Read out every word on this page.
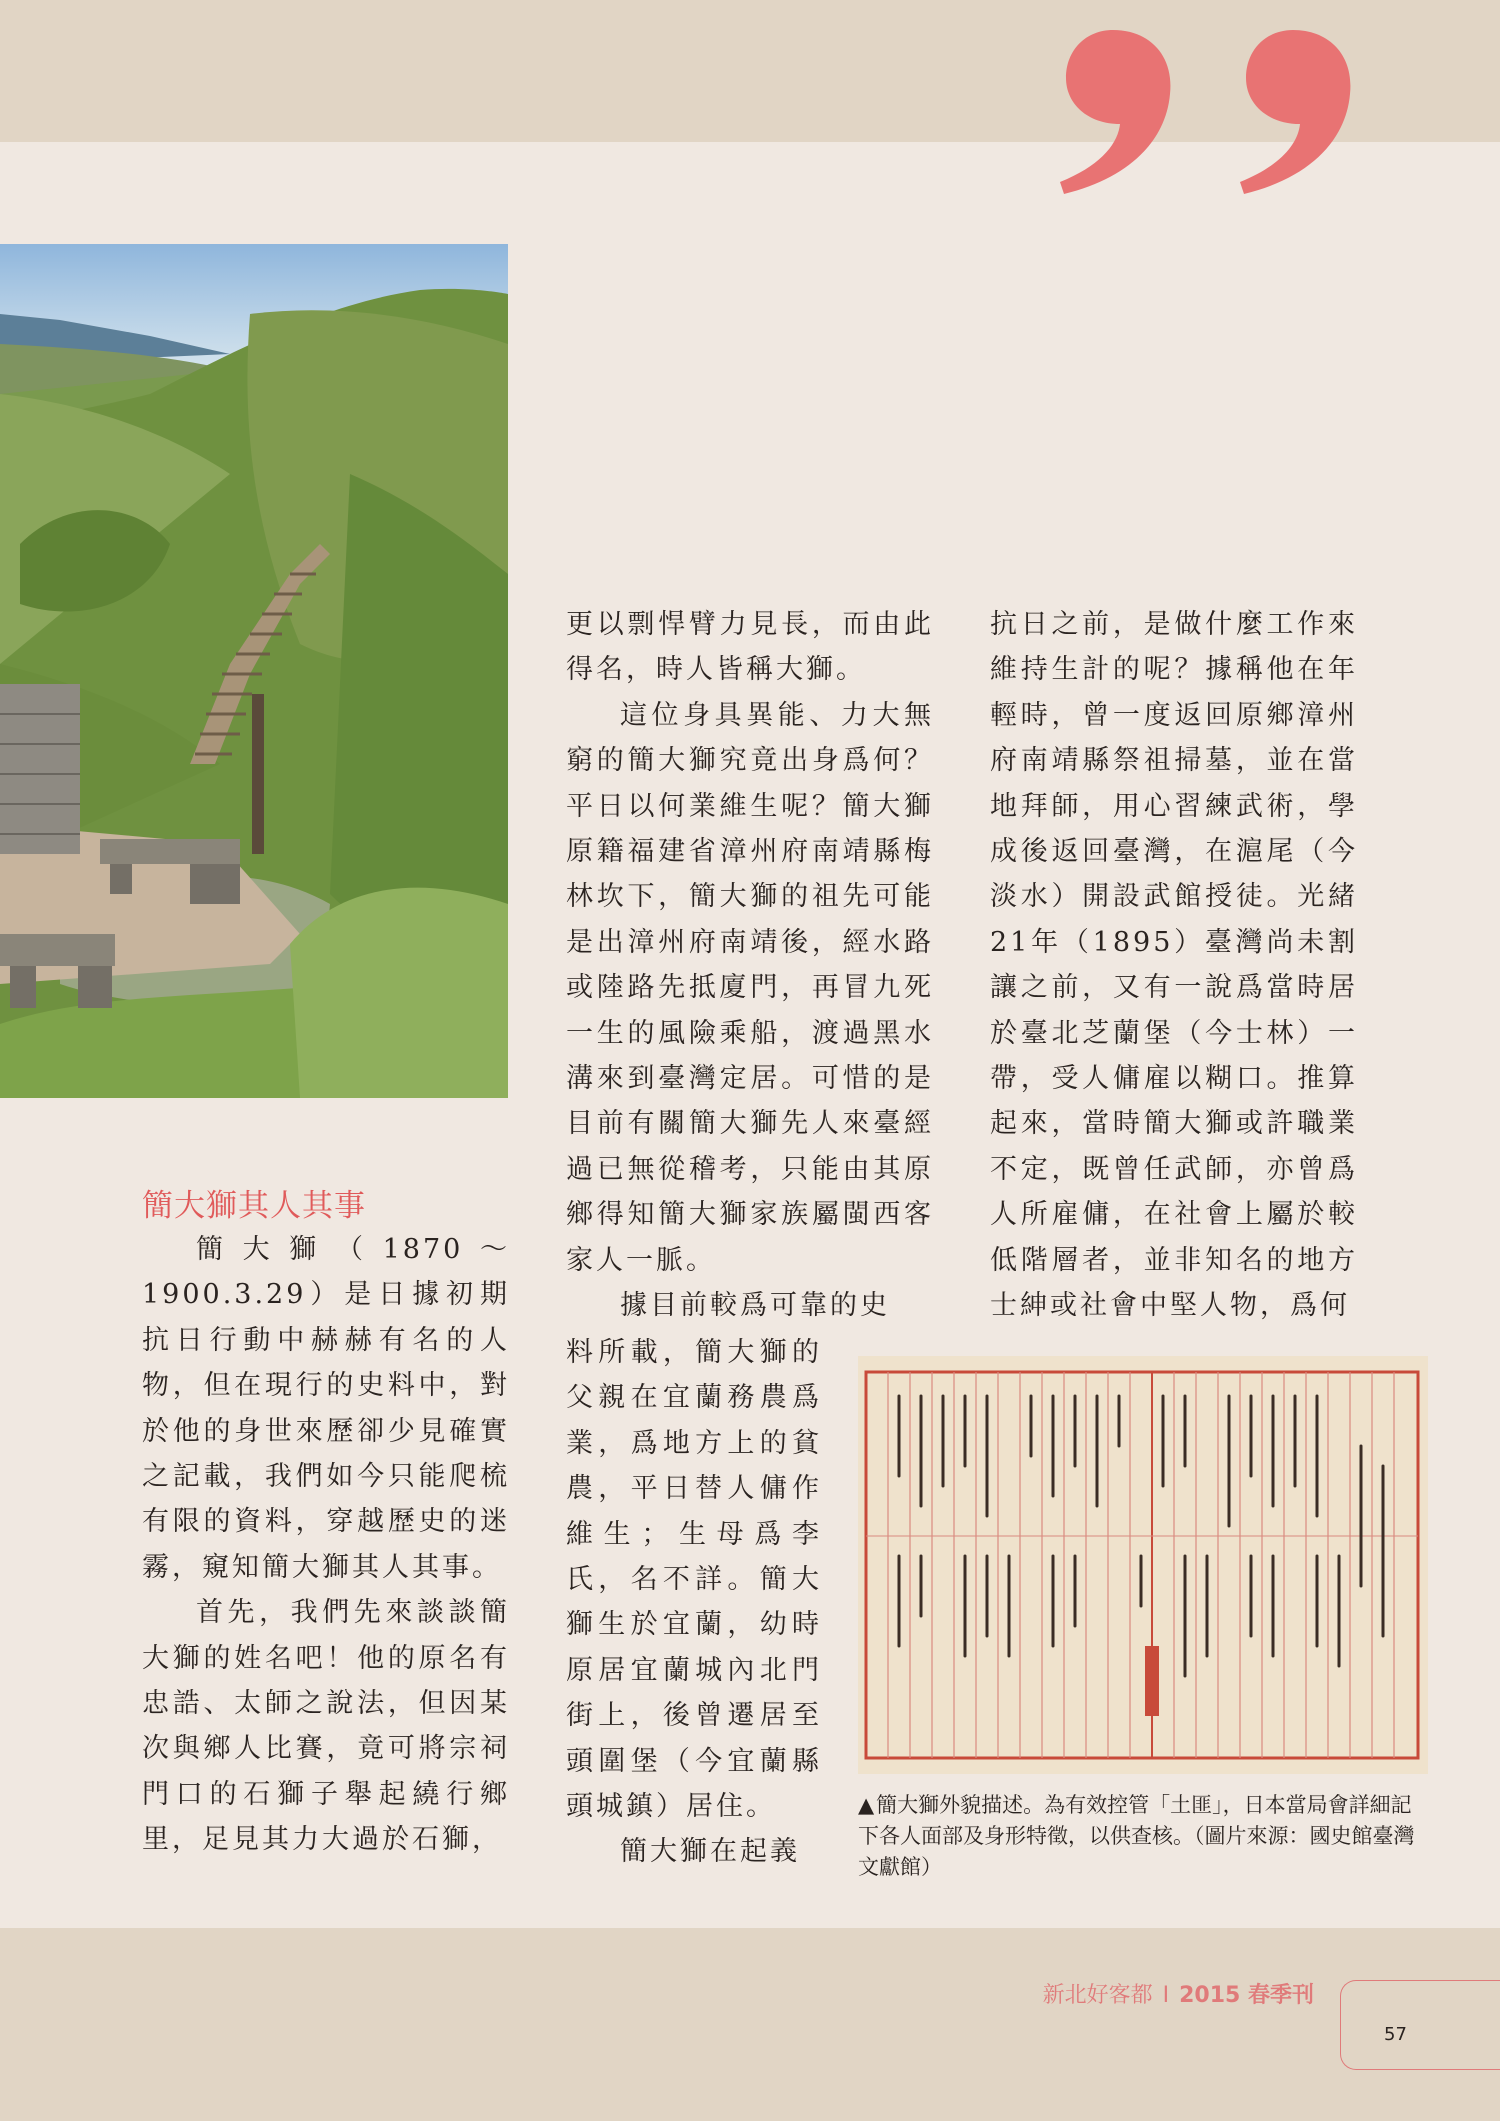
簡大獅其人其事

簡大獅（1870～1900.3.29）是日據初期抗日行動中赫赫有名的人物，但在現行的史料中，對於他的身世來歷卻少見確實之記載，我們如今只能爬梳有限的資料，穿越歷史的迷霧，窺知簡大獅其人其事。

首先，我們先來談談簡大獅的姓名吧！他的原名有忠誥、太師之說法，但因某次與鄉人比賽，竟可將宗祠門口的石獅子舉起繞行鄉里，足見其力大過於石獅，

更以剽悍臂力見長，而由此得名，時人皆稱大獅。

這位身具異能、力大無窮的簡大獅究竟出身爲何？平日以何業維生呢？簡大獅原籍福建省漳州府南靖縣梅林坎下，簡大獅的祖先可能是出漳州府南靖後，經水路或陸路先抵廈門，再冒九死一生的風險乘船，渡過黑水溝來到臺灣定居。可惜的是目前有關簡大獅先人來臺經過已無從稽考，只能由其原鄉得知簡大獅家族屬閩西客家人一脈。

據目前較爲可靠的史

料所載，簡大獅的父親在宜蘭務農爲業，爲地方上的貧農，平日替人傭作維生；生母爲李氏，名不詳。簡大獅生於宜蘭，幼時原居宜蘭城內北門街上，後曾遷居至頭圍堡（今宜蘭縣頭城鎮）居住。

簡大獅在起義

抗日之前，是做什麼工作來維持生計的呢？據稱他在年輕時，曾一度返回原鄉漳州府南靖縣祭祖掃墓，並在當地拜師，用心習練武術，學成後返回臺灣，在滬尾（今淡水）開設武館授徒。光緒21年（1895）臺灣尚未割讓之前，又有一說爲當時居於臺北芝蘭堡（今士林）一帶，受人傭雇以糊口。推算起來，當時簡大獅或許職業不定，既曾任武師，亦曾爲人所雇傭，在社會上屬於較低階層者，並非知名的地方士紳或社會中堅人物，爲何

▲簡大獅外貌描述。為有效控管「土匪」，日本當局會詳細記下各人面部及身形特徵，以供查核。（圖片來源：國史館臺灣文獻館）
新北好客都 I 2015 春季刊
57
